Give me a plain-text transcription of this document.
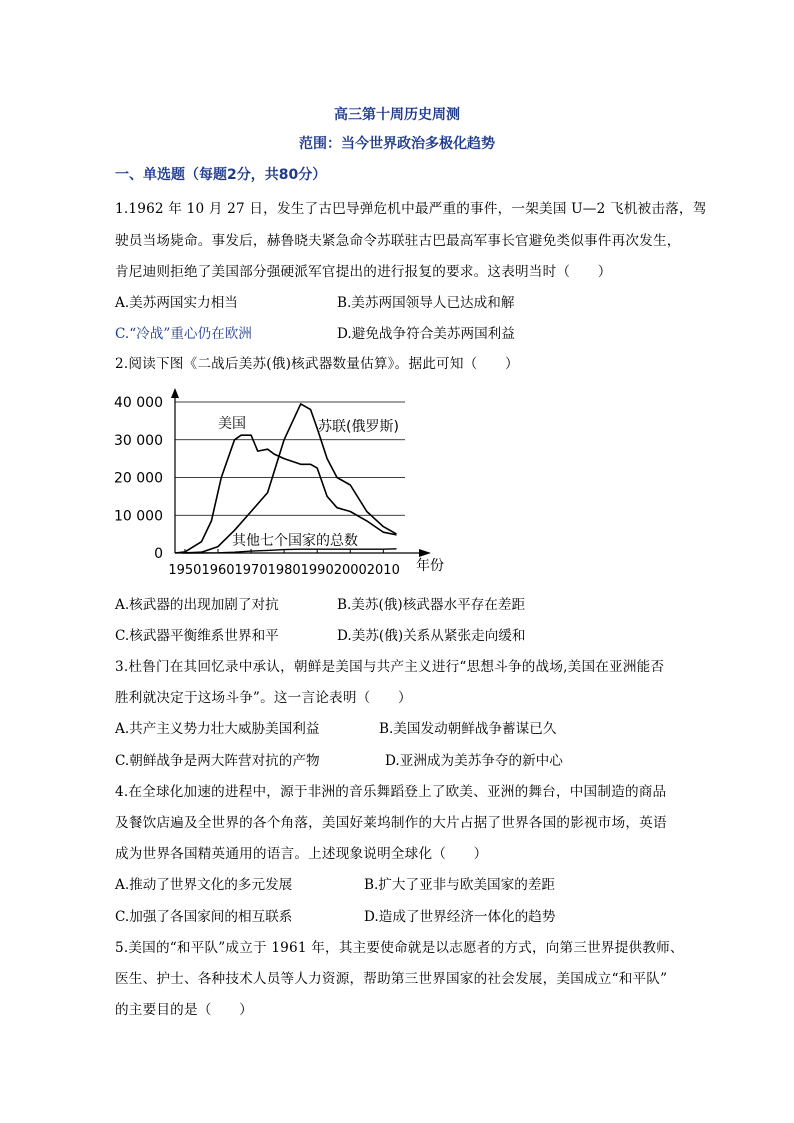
高三第十周历史周测
范围：当今世界政治多极化趋势
一、单选题（每题2分，共80分）
1.1962 年 10 月 27 日，发生了古巴导弹危机中最严重的事件，一架美国 U—2 飞机被击落，驾
驶员当场毙命。事发后，赫鲁晓夫紧急命令苏联驻古巴最高军事长官避免类似事件再次发生，
肯尼迪则拒绝了美国部分强硬派军官提出的进行报复的要求。这表明当时（　　）
A.美苏两国实力相当	B.美苏两国领导人已达成和解
C.“冷战”重心仍在欧洲	D.避免战争符合美苏两国利益
2.阅读下图《二战后美苏(俄)核武器数量估算》。据此可知（　　）
0
10 000
20 000
30 000
40 000
1950 1960 1970 1980 1990 2000 2010
美国	苏联(俄罗斯)
其他七个国家的总数
年份
A.核武器的出现加剧了对抗	B.美苏(俄)核武器水平存在差距
C.核武器平衡维系世界和平	D.美苏(俄)关系从紧张走向缓和
3.杜鲁门在其回忆录中承认，朝鲜是美国与共产主义进行“思想斗争的战场,美国在亚洲能否
胜利就决定于这场斗争”。这一言论表明（　　）
A.共产主义势力壮大威胁美国利益	B.美国发动朝鲜战争蓄谋已久
C.朝鲜战争是两大阵营对抗的产物	D.亚洲成为美苏争夺的新中心
4.在全球化加速的进程中，源于非洲的音乐舞蹈登上了欧美、亚洲的舞台，中国制造的商品
及餐饮店遍及全世界的各个角落，美国好莱坞制作的大片占据了世界各国的影视市场，英语
成为世界各国精英通用的语言。上述现象说明全球化（　　）
A.推动了世界文化的多元发展	B.扩大了亚非与欧美国家的差距
C.加强了各国家间的相互联系	D.造成了世界经济一体化的趋势
5.美国的“和平队”成立于 1961 年，其主要使命就是以志愿者的方式，向第三世界提供教师、
医生、护士、各种技术人员等人力资源，帮助第三世界国家的社会发展，美国成立“和平队”
的主要目的是（　　）
